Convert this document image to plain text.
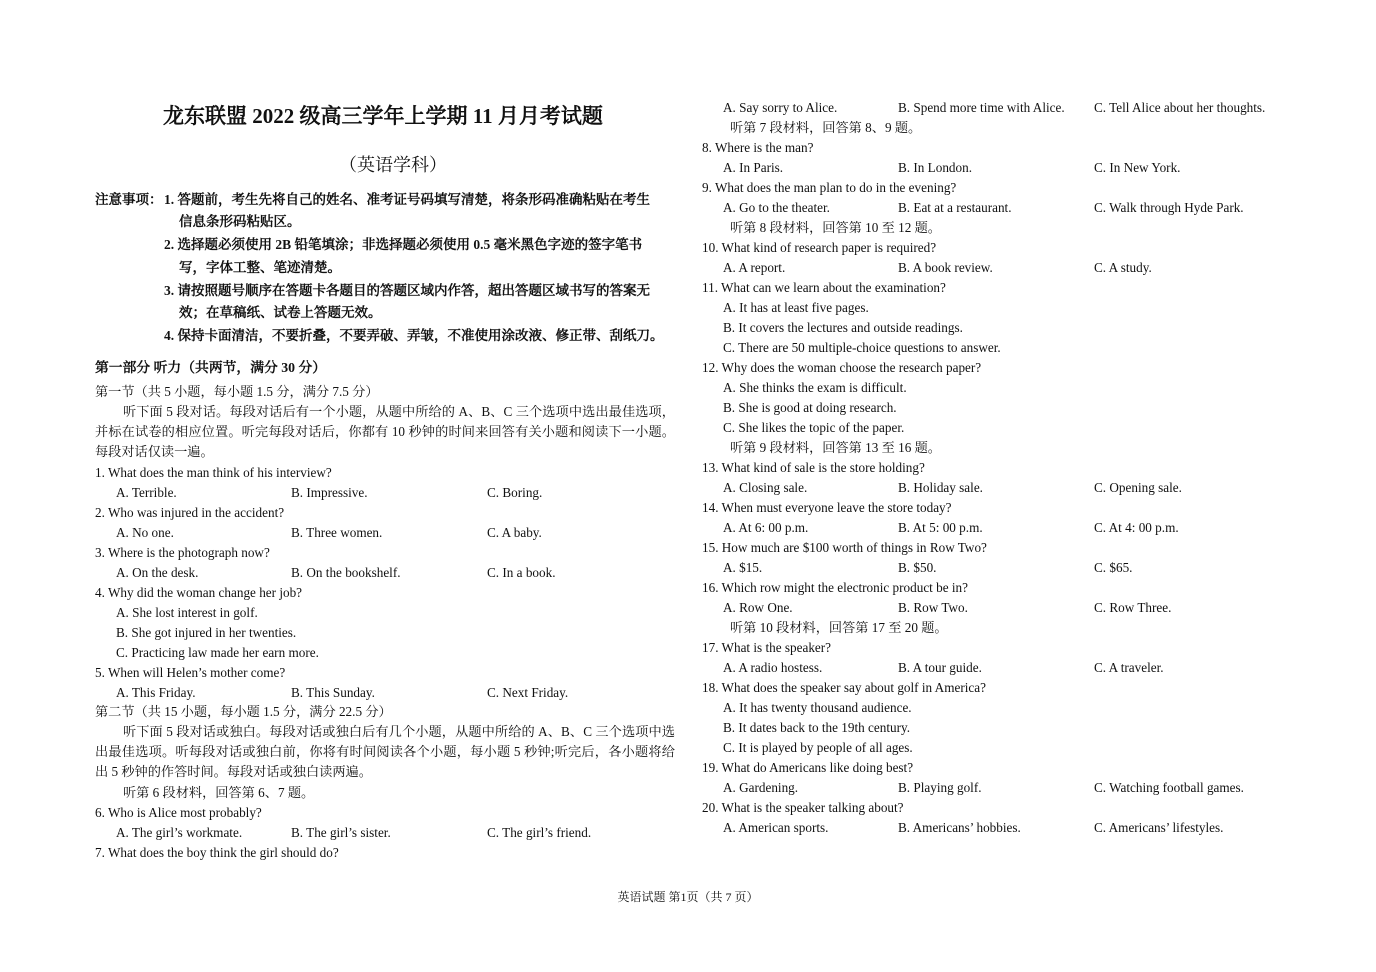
龙东联盟 2022 级高三学年上学期 11 月月考试题
（英语学科）
注意事项： 1. 答题前，考生先将自己的姓名、准考证号码填写清楚，将条形码准确粘贴在考生
信息条形码粘贴区。
2. 选择题必须使用 2B 铅笔填涂；非选择题必须使用 0.5 毫米黑色字迹的签字笔书
写，字体工整、笔迹清楚。
3. 请按照题号顺序在答题卡各题目的答题区域内作答，超出答题区域书写的答案无
效；在草稿纸、试卷上答题无效。
4. 保持卡面清洁，不要折叠，不要弄破、弄皱，不准使用涂改液、修正带、刮纸刀。
第一部分 听力（共两节，满分 30 分）
第一节（共 5 小题，每小题 1.5 分，满分 7.5 分）
听下面 5 段对话。每段对话后有一个小题，从题中所给的 A、B、C 三个选项中选出最佳选项，并标在试卷的相应位置。听完每段对话后，你都有 10 秒钟的时间来回答有关小题和阅读下一小题。每段对话仅读一遍。
1. What does the man think of his interview?
A. Terrible.	B. Impressive.	C. Boring.
2. Who was injured in the accident?
A. No one.	B. Three women.	C. A baby.
3. Where is the photograph now?
A. On the desk.	B. On the bookshelf.	C. In a book.
4. Why did the woman change her job?
A. She lost interest in golf.
B. She got injured in her twenties.
C. Practicing law made her earn more.
5. When will Helen’s mother come?
A. This Friday.	B. This Sunday.	C. Next Friday.
第二节（共 15 小题，每小题 1.5 分，满分 22.5 分）
听下面 5 段对话或独白。每段对话或独白后有几个小题，从题中所给的 A、B、C 三个选项中选出最佳选项。听每段对话或独白前，你将有时间阅读各个小题，每小题 5 秒钟;听完后，各小题将给出 5 秒钟的作答时间。每段对话或独白读两遍。
听第 6 段材料，回答第 6、7 题。
6. Who is Alice most probably?
A. The girl’s workmate.	B. The girl’s sister.	C. The girl’s friend.
7. What does the boy think the girl should do?
A. Say sorry to Alice.	B. Spend more time with Alice. C. Tell Alice about her thoughts.
听第 7 段材料，回答第 8、9 题。
8. Where is the man?
A. In Paris.	B. In London.	C. In New York.
9. What does the man plan to do in the evening?
A. Go to the theater.	B. Eat at a restaurant.	C. Walk through Hyde Park.
听第 8 段材料，回答第 10 至 12 题。
10. What kind of research paper is required?
A. A report.	B. A book review.	C. A study.
11. What can we learn about the examination?
A. It has at least five pages.
B. It covers the lectures and outside readings.
C. There are 50 multiple-choice questions to answer.
12. Why does the woman choose the research paper?
A. She thinks the exam is difficult.
B. She is good at doing research.
C. She likes the topic of the paper.
听第 9 段材料，回答第 13 至 16 题。
13. What kind of sale is the store holding?
A. Closing sale.	B. Holiday sale.	C. Opening sale.
14. When must everyone leave the store today?
A. At 6: 00 p.m.	B. At 5: 00 p.m.	C. At 4: 00 p.m.
15. How much are $100 worth of things in Row Two?
A. $15.	B. $50.	C. $65.
16. Which row might the electronic product be in?
A. Row One.	B. Row Two.	C. Row Three.
听第 10 段材料，回答第 17 至 20 题。
17. What is the speaker?
A. A radio hostess.	B. A tour guide.	C. A traveler.
18. What does the speaker say about golf in America?
A. It has twenty thousand audience.
B. It dates back to the 19th century.
C. It is played by people of all ages.
19. What do Americans like doing best?
A. Gardening.	B. Playing golf.	C. Watching football games.
20. What is the speaker talking about?
A. American sports.	B. Americans’ hobbies.	C. Americans’ lifestyles.
英语试题 第1页（共 7 页）
